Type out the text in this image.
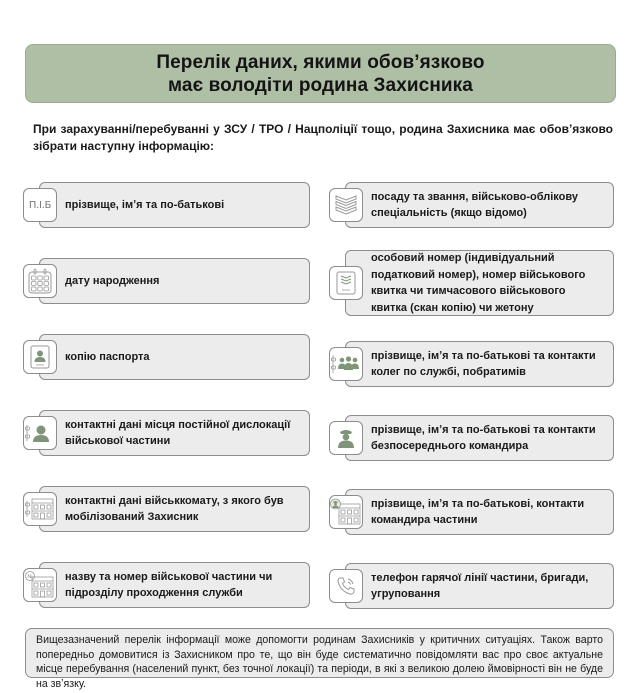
Перелік даних, якими обовʼязково
має володіти родина Захисника
При зарахуванні/перебуванні у ЗСУ / ТРО / Нацполіції тощо, родина Захисника має обовʼязково зібрати наступну інформацію:
П.І.Б прізвище, імʼя та по-батькові
дату народження
копію паспорта
контактні дані місця постійної дислокації військової частини
контактні дані військкомату, з якого був мобілізований Захисник
№	назву та номер військової частини чи підрозділу проходження служби
посаду та звання, військово-облікову спеціальність (якщо відомо)
особовий номер (індивідуальний податковий номер), номер військового квитка чи тимчасового військового квитка (скан копію) чи жетону
прізвище, імʼя та по-батькові та контакти колег по службі, побратимів
прізвище, імʼя та по-батькові та контакти безпосереднього командира
прізвище, імʼя та по-батькові, контакти командира частини
телефон гарячої лінії частини, бригади, угруповання
Вищезазначений перелік інформації може допомогти родинам Захисників у критичних ситуаціях. Також варто попередньо домовитися із Захисником про те, що він буде систематично повідомляти вас про своє актуальне місце перебування (населений пункт, без точної локації) та періоди, в які з великою долею ймовірності він не буде на звʼязку.
